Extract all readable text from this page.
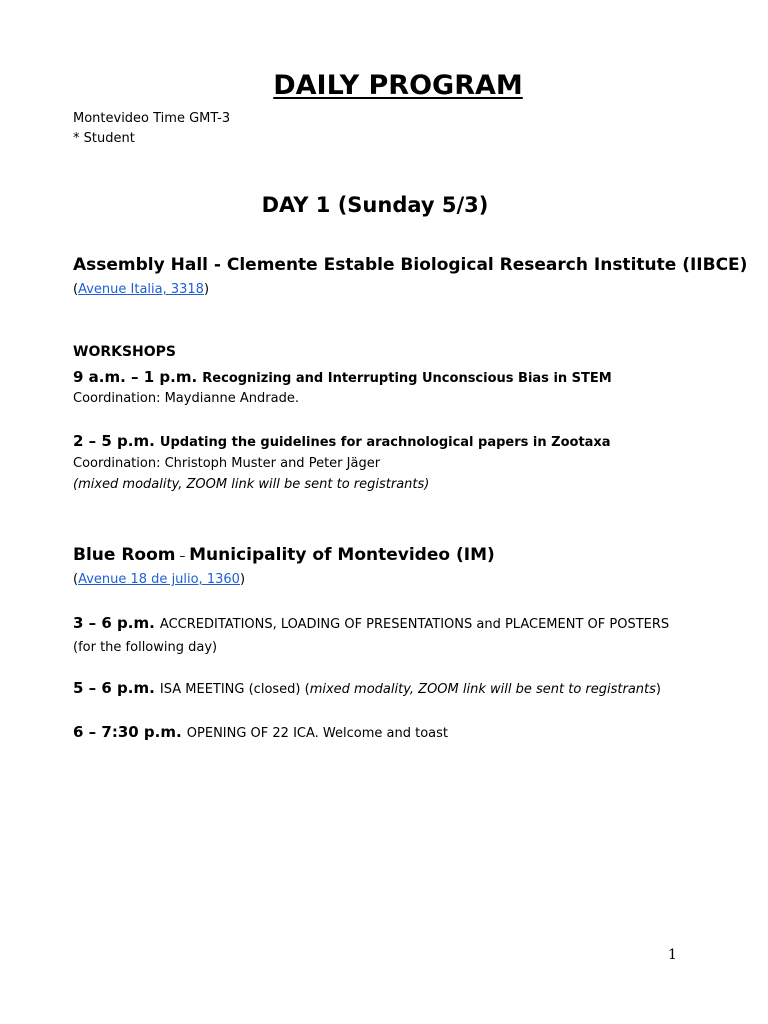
DAILY PROGRAM
Montevideo Time GMT-3
* Student
DAY 1 (Sunday 5/3)
Assembly Hall - Clemente Estable Biological Research Institute (IIBCE)
(Avenue Italia, 3318)
WORKSHOPS
9 a.m. – 1 p.m. Recognizing and Interrupting Unconscious Bias in STEM
Coordination: Maydianne Andrade.
2 – 5 p.m. Updating the guidelines for arachnological papers in Zootaxa
Coordination: Christoph Muster and Peter Jäger
(mixed modality, ZOOM link will be sent to registrants)
Blue Room – Municipality of Montevideo (IM)
(Avenue 18 de julio, 1360)
3 – 6 p.m. ACCREDITATIONS, LOADING OF PRESENTATIONS and PLACEMENT OF POSTERS (for the following day)
5 – 6 p.m. ISA MEETING (closed) (mixed modality, ZOOM link will be sent to registrants)
6 – 7:30 p.m. OPENING OF 22 ICA. Welcome and toast
1
